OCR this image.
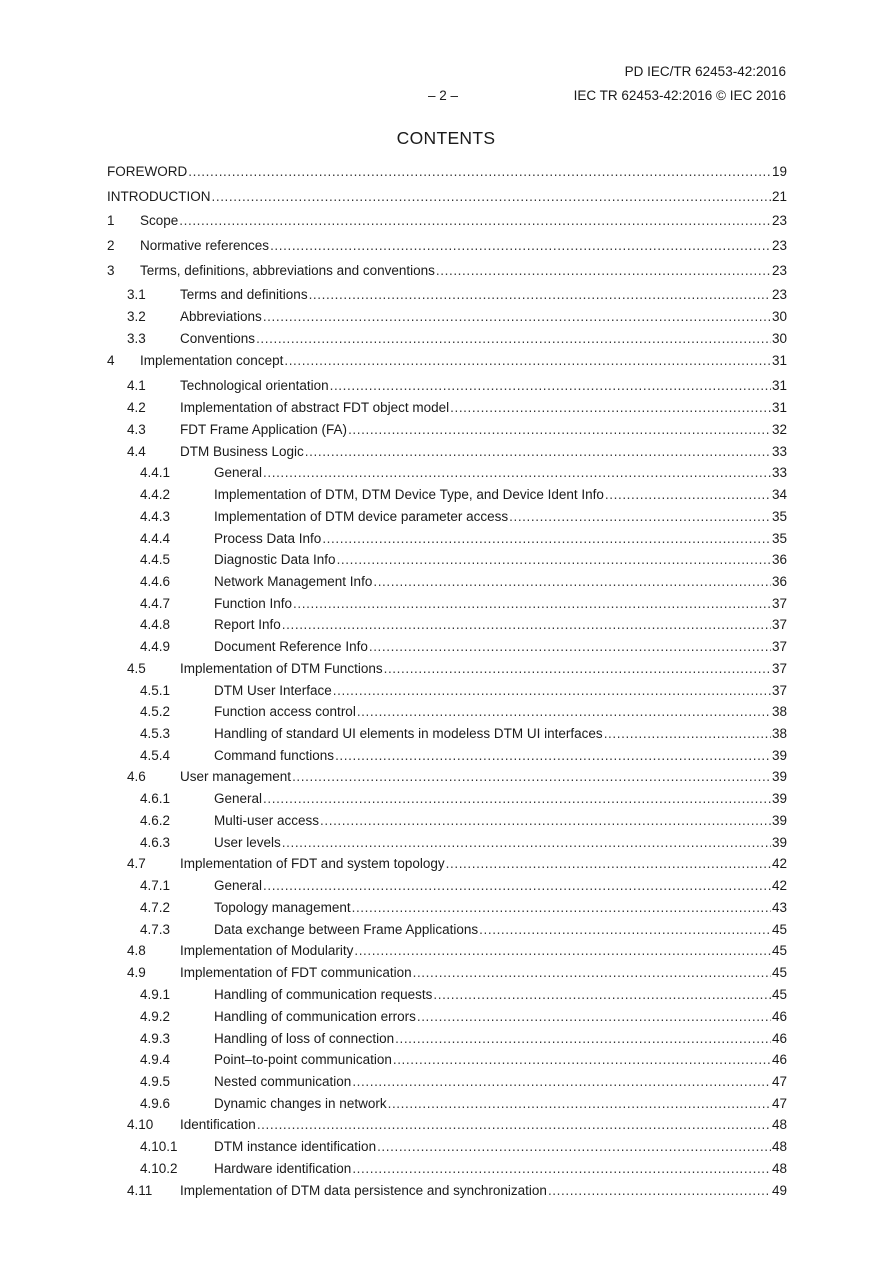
PD IEC/TR 62453-42:2016
– 2 –	IEC TR 62453-42:2016 © IEC 2016
CONTENTS
FOREWORD .....	19
INTRODUCTION .....	21
1	Scope .....	23
2	Normative references .....	23
3	Terms, definitions, abbreviations and conventions .....	23
3.1	Terms and definitions .....	23
3.2	Abbreviations .....	30
3.3	Conventions .....	30
4	Implementation concept .....	31
4.1	Technological orientation .....	31
4.2	Implementation of abstract FDT object model .....	31
4.3	FDT Frame Application (FA) .....	32
4.4	DTM Business Logic .....	33
4.4.1	General .....	33
4.4.2	Implementation of DTM, DTM Device Type, and Device Ident Info .....	34
4.4.3	Implementation of DTM device parameter access .....	35
4.4.4	Process Data Info .....	35
4.4.5	Diagnostic Data Info .....	36
4.4.6	Network Management Info .....	36
4.4.7	Function Info .....	37
4.4.8	Report Info .....	37
4.4.9	Document Reference Info .....	37
4.5	Implementation of DTM Functions .....	37
4.5.1	DTM User Interface .....	37
4.5.2	Function access control .....	38
4.5.3	Handling of standard UI elements in modeless DTM UI interfaces .....	38
4.5.4	Command functions .....	39
4.6	User management .....	39
4.6.1	General .....	39
4.6.2	Multi-user access .....	39
4.6.3	User levels .....	39
4.7	Implementation of FDT and system topology .....	42
4.7.1	General .....	42
4.7.2	Topology management .....	43
4.7.3	Data exchange between Frame Applications .....	45
4.8	Implementation of Modularity .....	45
4.9	Implementation of FDT communication .....	45
4.9.1	Handling of communication requests .....	45
4.9.2	Handling of communication errors .....	46
4.9.3	Handling of loss of connection .....	46
4.9.4	Point–to-point communication .....	46
4.9.5	Nested communication .....	47
4.9.6	Dynamic changes in network .....	47
4.10	Identification .....	48
4.10.1	DTM instance identification .....	48
4.10.2	Hardware identification .....	48
4.11	Implementation of DTM data persistence and synchronization .....	49
